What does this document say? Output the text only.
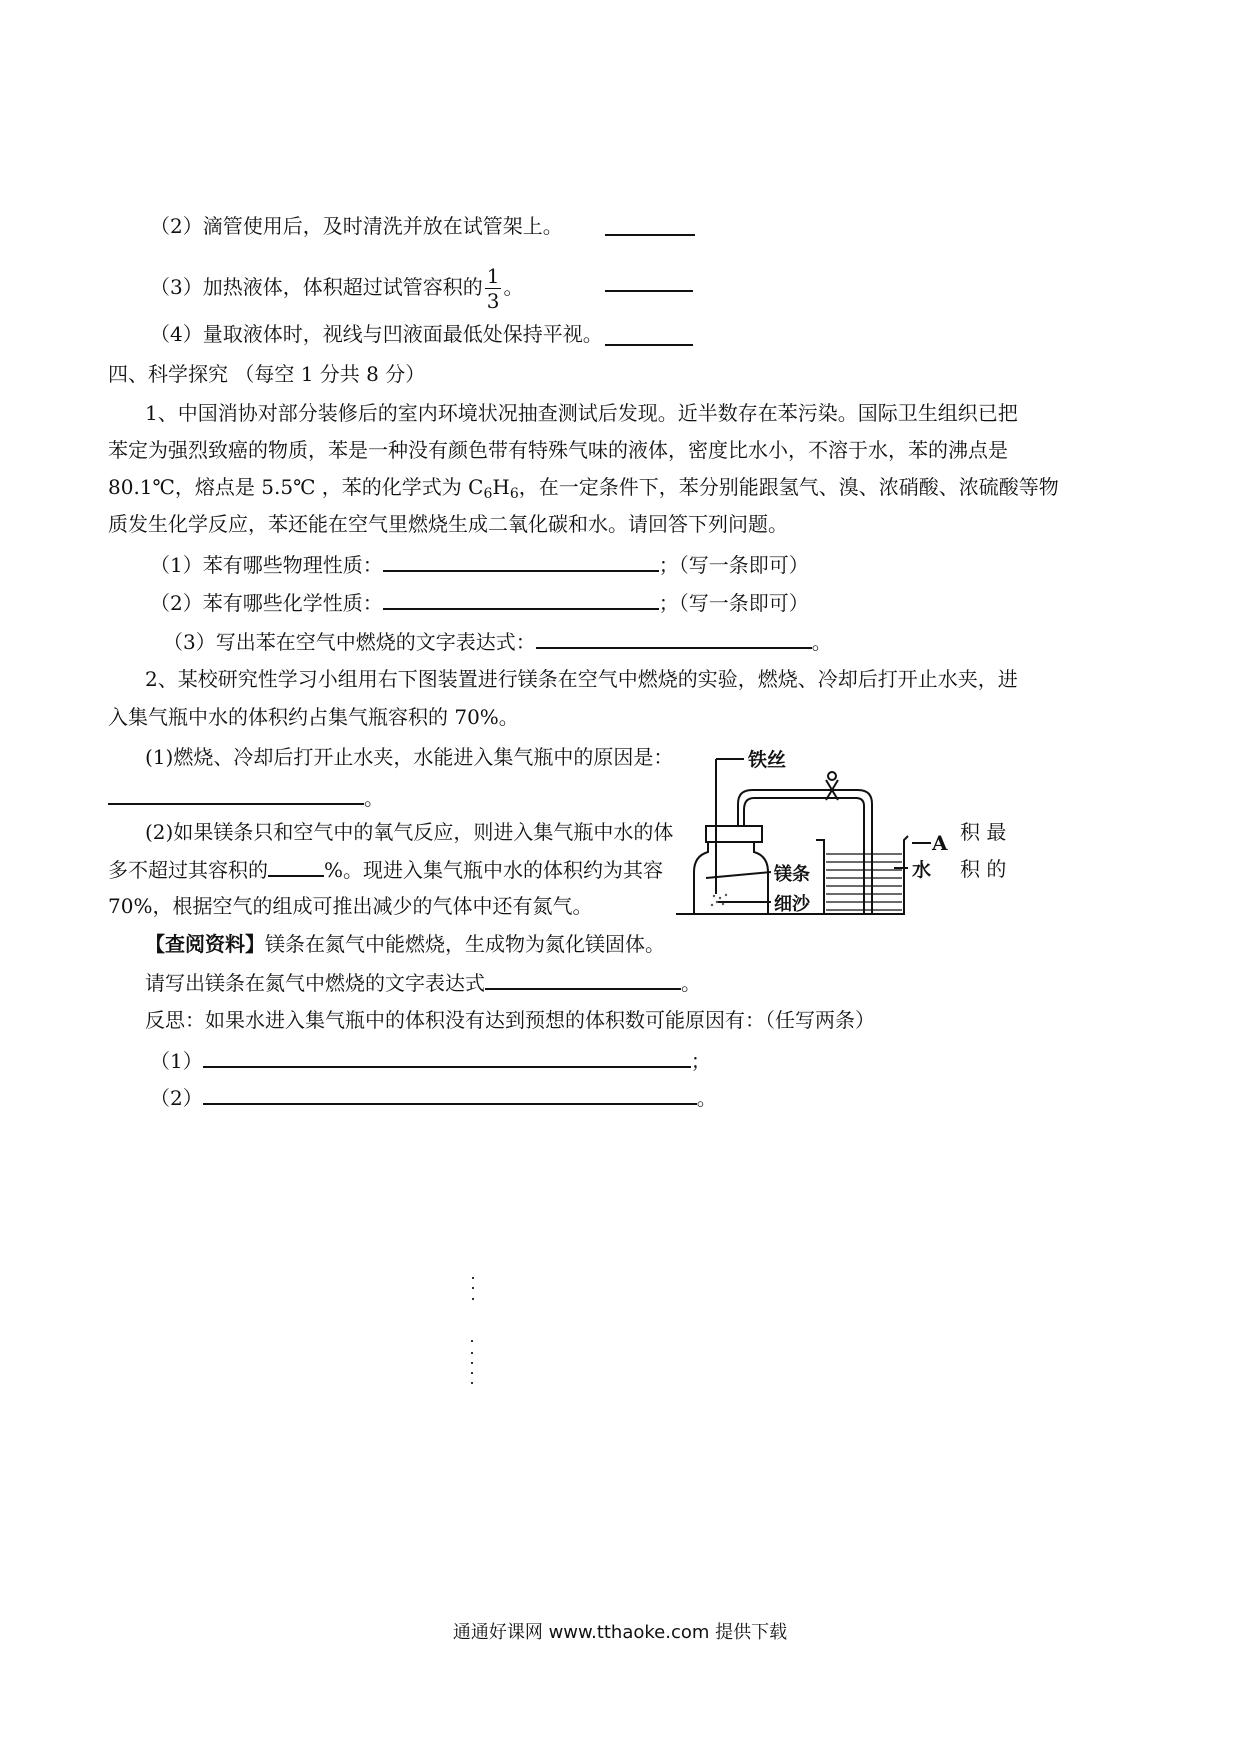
（2）滴管使用后，及时清洗并放在试管架上。
（3）加热液体，体积超过试管容积的 $\frac{1}{3}$ 。
（4）量取液体时，视线与凹液面最低处保持平视。
四、科学探究 （每空 1 分共 8 分）
1、中国消协对部分装修后的室内环境状况抽查测试后发现。近半数存在苯污染。国际卫生组织已把
苯定为强烈致癌的物质，苯是一种没有颜色带有特殊气味的液体，密度比水小，不溶于水，苯的沸点是
80.1℃，熔点是 5.5℃ ，苯的化学式为 $C_6H_6$，在一定条件下，苯分别能跟氢气、溴、浓硝酸、浓硫酸等物
质发生化学反应，苯还能在空气里燃烧生成二氧化碳和水。请回答下列问题。
（1）苯有哪些物理性质：	；（写一条即可）
（2）苯有哪些化学性质：	；（写一条即可）
（3）写出苯在空气中燃烧的文字表达式：	。
2、某校研究性学习小组用右下图装置进行镁条在空气中燃烧的实验，燃烧、冷却后打开止水夹，进
入集气瓶中水的体积约占集气瓶容积的 70%。
(1)燃烧、冷却后打开止水夹，水能进入集气瓶中的原因是：
。
(2)如果镁条只和空气中的氧气反应，则进入集气瓶中水的体	积 最
多不超过其容积的	%。现进入集气瓶中水的体积约为其容	积 的
70%，根据空气的组成可推出减少的气体中还有氮气。
【查阅资料】镁条在氮气中能燃烧，生成物为氮化镁固体。
请写出镁条在氮气中燃烧的文字表达式	。
反思：如果水进入集气瓶中的体积没有达到预想的体积数可能原因有：（任写两条）
（1）	；
（2）	。
铁丝
A
水
镁条
细沙
通通好课网 www.tthaoke.com 提供下载
